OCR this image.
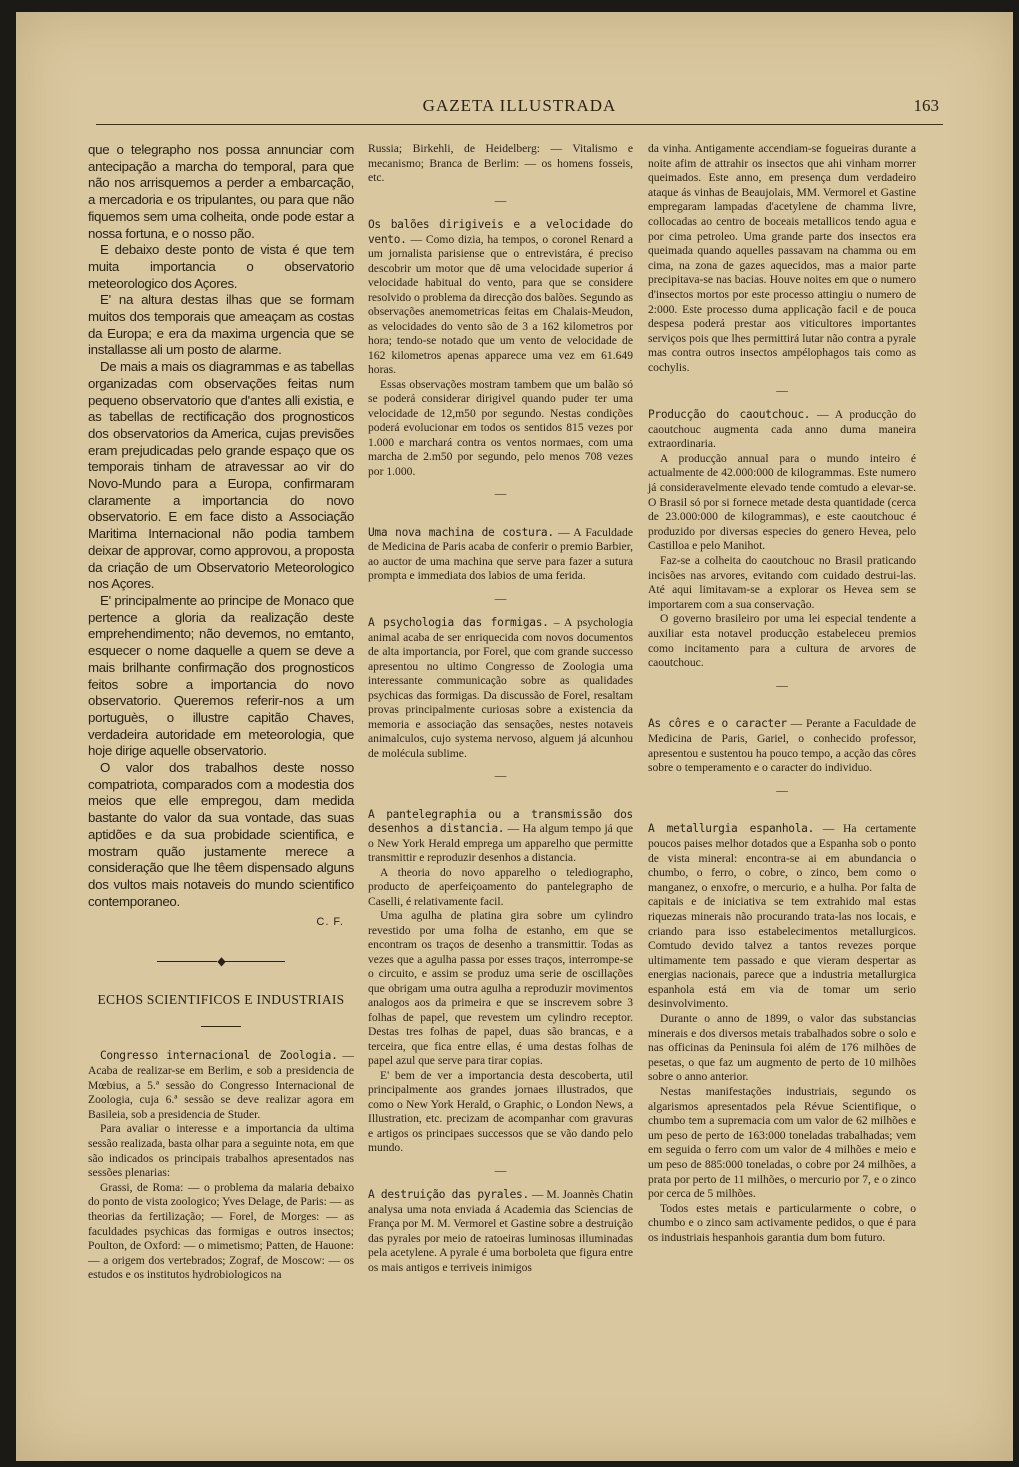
GAZETA ILLUSTRADA	163

que o telegrapho nos possa annunciar com antecipação a marcha do temporal, para que não nos arrisquemos a perder a embarcação, a mercadoria e os tripulantes, ou para que não fiquemos sem uma colheita, onde pode estar a nossa fortuna, e o nosso pão.

E debaixo deste ponto de vista é que tem muita importancia o observatorio meteorologico dos Açores.

E' na altura destas ilhas que se formam muitos dos temporais que ameaçam as costas da Europa; e era da maxima urgencia que se installasse ali um posto de alarme.

De mais a mais os diagrammas e as tabellas organizadas com observações feitas num pequeno observatorio que d'antes alli existia, e as tabellas de rectificação dos prognosticos dos observatorios da America, cujas previsões eram prejudicadas pelo grande espaço que os temporais tinham de atravessar ao vir do Novo-Mundo para a Europa, confirmaram claramente a importancia do novo observatorio. E em face disto a Associação Maritima Internacional não podia tambem deixar de approvar, como approvou, a proposta da criação de um Observatorio Meteorologico nos Açores.

E' principalmente ao principe de Monaco que pertence a gloria da realização deste emprehendimento; não devemos, no emtanto, esquecer o nome daquelle a quem se deve a mais brilhante confirmação dos prognosticos feitos sobre a importancia do novo observatorio. Queremos referir-nos a um portuguès, o illustre capitão Chaves, verdadeira autoridade em meteorologia, que hoje dirige aquelle observatorio.

O valor dos trabalhos deste nosso compatriota, comparados com a modestia dos meios que elle empregou, dam medida bastante do valor da sua vontade, das suas aptidões e da sua probidade scientifica, e mostram quão justamente merece a consideração que lhe têem dispensado alguns dos vultos mais notaveis do mundo scientifico contemporaneo.

C. F.
◆
ECHOS SCIENTIFICOS E INDUSTRIAIS

Congresso internacional de Zoologia. — Acaba de realizar-se em Berlim, e sob a presidencia de Mœbius, a 5.ª sessão do Congresso Internacional de Zoologia, cuja 6.ª sessão se deve realizar agora em Basileia, sob a presidencia de Studer.

Para avaliar o interesse e a importancia da ultima sessão realizada, basta olhar para a seguinte nota, em que são indicados os principais trabalhos apresentados nas sessões plenarias:

Grassi, de Roma: — o problema da malaria debaixo do ponto de vista zoologico; Yves Delage, de Paris: — as theorias da fertilização; — Forel, de Morges: — as faculdades psychicas das formigas e outros insectos; Poulton, de Oxford: — o mimetismo; Patten, de Hauone: — a origem dos vertebrados; Zograf, de Moscow: — os estudos e os institutos hydrobiologicos na

Russia; Birkehli, de Heidelberg: — Vitalismo e mecanismo; Branca de Berlim: — os homens fosseis, etc.

—

Os balões dirigiveis e a velocidade do vento. — Como dizia, ha tempos, o coronel Renard a um jornalista parisiense que o entrevistára, é preciso descobrir um motor que dê uma velocidade superior á velocidade habitual do vento, para que se considere resolvido o problema da direcção dos balões. Segundo as observações anemometricas feitas em Chalais-Meudon, as velocidades do vento são de 3 a 162 kilometros por hora; tendo-se notado que um vento de velocidade de 162 kilometros apenas apparece uma vez em 61.649 horas.

Essas observações mostram tambem que um balão só se poderá considerar dirigivel quando puder ter uma velocidade de 12,m50 por segundo. Nestas condições poderá evolucionar em todos os sentidos 815 vezes por 1.000 e marchará contra os ventos normaes, com uma marcha de 2.m50 por segundo, pelo menos 708 vezes por 1.000.

—

Uma nova machina de costura. — A Faculdade de Medicina de Paris acaba de conferir o premio Barbier, ao auctor de uma machina que serve para fazer a sutura prompta e immediata dos labios de uma ferida.

—

A psychologia das formigas. – A psychologia animal acaba de ser enriquecida com novos documentos de alta importancia, por Forel, que com grande successo apresentou no ultimo Congresso de Zoologia uma interessante communicação sobre as qualidades psychicas das formigas. Da discussão de Forel, resaltam provas principalmente curiosas sobre a existencia da memoria e associação das sensações, nestes notaveis animalculos, cujo systema nervoso, alguem já alcunhou de molécula sublime.

—

A pantelegraphia ou a transmissão dos desenhos a distancia. — Ha algum tempo já que o New York Herald emprega um apparelho que permitte transmittir e reproduzir desenhos a distancia.

A theoria do novo apparelho o telediographo, producto de aperfeiçoamento do pantelegrapho de Caselli, é relativamente facil.

Uma agulha de platina gira sobre um cylindro revestido por uma folha de estanho, em que se encontram os traços de desenho a transmittir. Todas as vezes que a agulha passa por esses traços, interrompe-se o circuito, e assim se produz uma serie de oscillações que obrigam uma outra agulha a reproduzir movimentos analogos aos da primeira e que se inscrevem sobre 3 folhas de papel, que revestem um cylindro receptor. Destas tres folhas de papel, duas são brancas, e a terceira, que fica entre ellas, é uma destas folhas de papel azul que serve para tirar copias.

E' bem de ver a importancia desta descoberta, util principalmente aos grandes jornaes illustrados, que como o New York Herald, o Graphic, o London News, a Illustration, etc. precizam de acompanhar com gravuras e artigos os principaes successos que se vão dando pelo mundo.

—

A destruição das pyrales. — M. Joannès Chatin analysa uma nota enviada á Academia das Sciencias de França por M. M. Vermorel et Gastine sobre a destruição das pyrales por meio de ratoeiras luminosas illuminadas pela acetylene. A pyrale é uma borboleta que figura entre os mais antigos e terriveis inimigos

da vinha. Antigamente accendiam-se fogueiras durante a noite afim de attrahir os insectos que ahi vinham morrer queimados. Este anno, em presença dum verdadeiro ataque ás vinhas de Beaujolais, MM. Vermorel et Gastine empregaram lampadas d'acetylene de chamma livre, collocadas ao centro de boceais metallicos tendo agua e por cima petroleo. Uma grande parte dos insectos era queimada quando aquelles passavam na chamma ou em cima, na zona de gazes aquecidos, mas a maior parte precipitava-se nas bacias. Houve noites em que o numero d'insectos mortos por este processo attingiu o numero de 2:000. Este processo duma applicação facil e de pouca despesa poderá prestar aos viticultores importantes serviços pois que lhes permittirá lutar não contra a pyrale mas contra outros insectos ampélophagos tais como as cochylis.

—

Producção do caoutchouc. — A producção do caoutchouc augmenta cada anno duma maneira extraordinaria.

A producção annual para o mundo inteiro é actualmente de 42.000:000 de kilogrammas. Este numero já consideravelmente elevado tende comtudo a elevar-se. O Brasil só por si fornece metade desta quantidade (cerca de 23.000:000 de kilogrammas), e este caoutchouc é produzido por diversas especies do genero Hevea, pelo Castilloa e pelo Manihot.

Faz-se a colheita do caoutchouc no Brasil praticando incisões nas arvores, evitando com cuidado destrui-las. Até aqui limitavam-se a explorar os Hevea sem se importarem com a sua conservação.

O governo brasileiro por uma lei especial tendente a auxiliar esta notavel producção estabeleceu premios como incitamento para a cultura de arvores de caoutchouc.

—

As côres e o caracter — Perante a Faculdade de Medicina de Paris, Gariel, o conhecido professor, apresentou e sustentou ha pouco tempo, a acção das côres sobre o temperamento e o caracter do individuo.

—

A metallurgia espanhola. — Ha certamente poucos paises melhor dotados que a Espanha sob o ponto de vista mineral: encontra-se ai em abundancia o chumbo, o ferro, o cobre, o zinco, bem como o manganez, o enxofre, o mercurio, e a hulha. Por falta de capitais e de iniciativa se tem extrahido mal estas riquezas minerais não procurando trata-las nos locais, e criando para isso estabelecimentos metallurgicos. Comtudo devido talvez a tantos revezes porque ultimamente tem passado e que vieram despertar as energias nacionais, parece que a industria metallurgica espanhola está em via de tomar um serio desinvolvimento.

Durante o anno de 1899, o valor das substancias minerais e dos diversos metais trabalhados sobre o solo e nas officinas da Peninsula foi além de 176 milhões de pesetas, o que faz um augmento de perto de 10 milhões sobre o anno anterior.

Nestas manifestações industriais, segundo os algarismos apresentados pela Révue Scientifique, o chumbo tem a supremacia com um valor de 62 milhões e um peso de perto de 163:000 toneladas trabalhadas; vem em seguida o ferro com um valor de 4 milhões e meio e um peso de 885:000 toneladas, o cobre por 24 milhões, a prata por perto de 11 milhões, o mercurio por 7, e o zinco por cerca de 5 milhões.

Todos estes metais e particularmente o cobre, o chumbo e o zinco sam activamente pedidos, o que é para os industriais hespanhois garantia dum bom futuro.
